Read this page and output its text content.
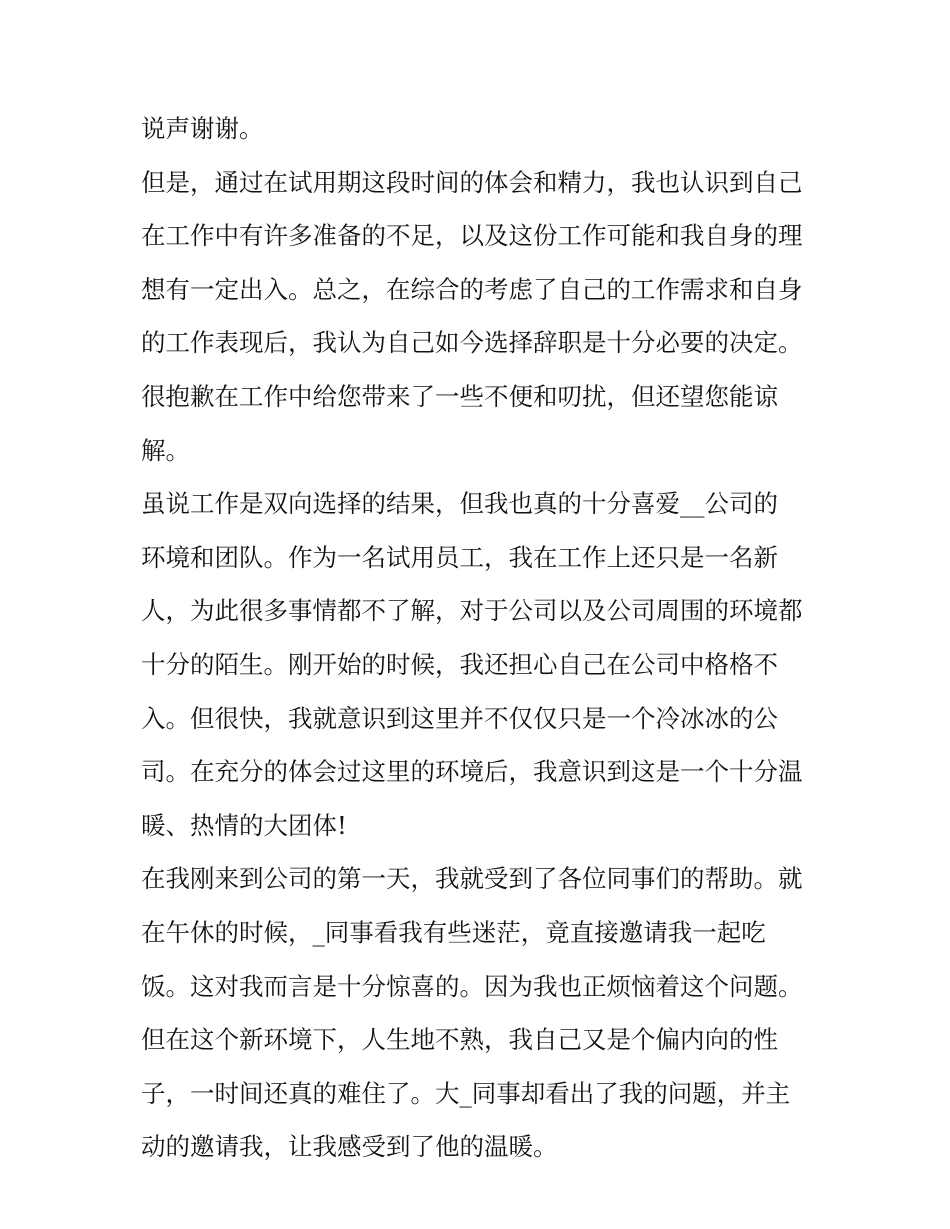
说声谢谢。
但是，通过在试用期这段时间的体会和精力，我也认识到自己
在工作中有许多准备的不足，以及这份工作可能和我自身的理
想有一定出入。总之，在综合的考虑了自己的工作需求和自身
的工作表现后，我认为自己如今选择辞职是十分必要的决定。
很抱歉在工作中给您带来了一些不便和叨扰，但还望您能谅
解。
虽说工作是双向选择的结果，但我也真的十分喜爱__公司的
环境和团队。作为一名试用员工，我在工作上还只是一名新
人，为此很多事情都不了解，对于公司以及公司周围的环境都
十分的陌生。刚开始的时候，我还担心自己在公司中格格不
入。但很快，我就意识到这里并不仅仅只是一个冷冰冰的公
司。在充分的体会过这里的环境后，我意识到这是一个十分温
暖、热情的大团体!
在我刚来到公司的第一天，我就受到了各位同事们的帮助。就
在午休的时候，_同事看我有些迷茫，竟直接邀请我一起吃
饭。这对我而言是十分惊喜的。因为我也正烦恼着这个问题。
但在这个新环境下，人生地不熟，我自己又是个偏内向的性
子，一时间还真的难住了。大_同事却看出了我的问题，并主
动的邀请我，让我感受到了他的温暖。
